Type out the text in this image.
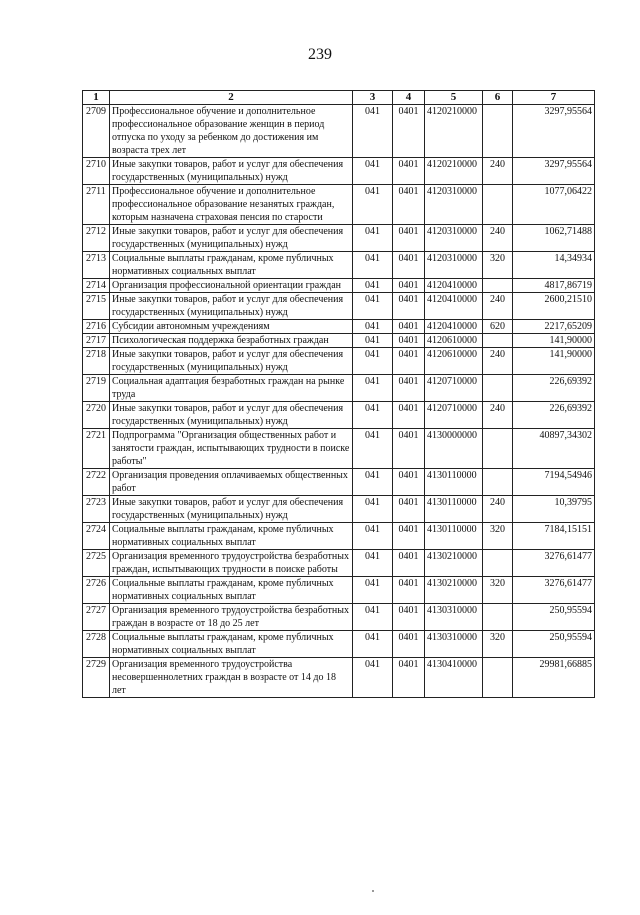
239
1	2	3	4	5	6	7
2709	Профессиональное обучение и дополнительное профессиональное образование женщин в период отпуска по уходу за ребенком до достижения им возраста трех лет	041	0401	4120210000		3297,95564
2710	Иные закупки товаров, работ и услуг для обеспечения государственных (муниципальных) нужд	041	0401	4120210000	240	3297,95564
2711	Профессиональное обучение и дополнительное профессиональное образование незанятых граждан, которым назначена страховая пенсия по старости	041	0401	4120310000		1077,06422
2712	Иные закупки товаров, работ и услуг для обеспечения государственных (муниципальных) нужд	041	0401	4120310000	240	1062,71488
2713	Социальные выплаты гражданам, кроме публичных нормативных социальных выплат	041	0401	4120310000	320	14,34934
2714	Организация профессиональной ориентации граждан	041	0401	4120410000		4817,86719
2715	Иные закупки товаров, работ и услуг для обеспечения государственных (муниципальных) нужд	041	0401	4120410000	240	2600,21510
2716	Субсидии автономным учреждениям	041	0401	4120410000	620	2217,65209
2717	Психологическая поддержка безработных граждан	041	0401	4120610000		141,90000
2718	Иные закупки товаров, работ и услуг для обеспечения государственных (муниципальных) нужд	041	0401	4120610000	240	141,90000
2719	Социальная адаптация безработных граждан на рынке труда	041	0401	4120710000		226,69392
2720	Иные закупки товаров, работ и услуг для обеспечения государственных (муниципальных) нужд	041	0401	4120710000	240	226,69392
2721	Подпрограмма "Организация общественных работ и занятости граждан, испытывающих трудности в поиске работы"	041	0401	4130000000		40897,34302
2722	Организация проведения оплачиваемых общественных работ	041	0401	4130110000		7194,54946
2723	Иные закупки товаров, работ и услуг для обеспечения государственных (муниципальных) нужд	041	0401	4130110000	240	10,39795
2724	Социальные выплаты гражданам, кроме публичных нормативных социальных выплат	041	0401	4130110000	320	7184,15151
2725	Организация временного трудоустройства безработных граждан, испытывающих трудности в поиске работы	041	0401	4130210000		3276,61477
2726	Социальные выплаты гражданам, кроме публичных нормативных социальных выплат	041	0401	4130210000	320	3276,61477
2727	Организация временного трудоустройства безработных граждан в возрасте от 18 до 25 лет	041	0401	4130310000		250,95594
2728	Социальные выплаты гражданам, кроме публичных нормативных социальных выплат	041	0401	4130310000	320	250,95594
2729	Организация временного трудоустройства несовершеннолетних граждан в возрасте от 14 до 18 лет	041	0401	4130410000		29981,66885
